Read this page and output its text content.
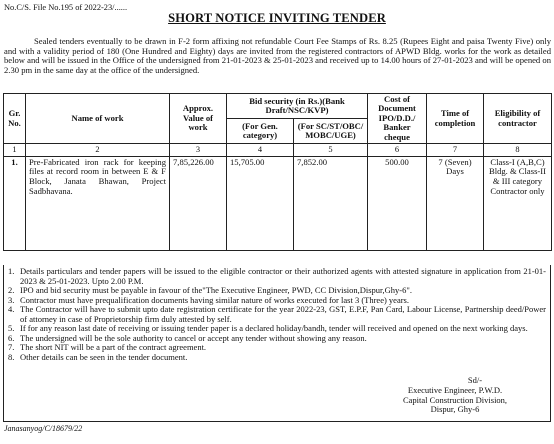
No.C/S. File No.195 of 2022-23/......
SHORT NOTICE INVITING TENDER
Sealed tenders eventually to be drawn in F-2 form affixing not refundable Court Fee Stamps of Rs. 8.25 (Rupees Eight and paisa Twenty Five) only and with a validity period of 180 (One Hundred and Eighty) days are invited from the registered contractors of APWD Bldg. works for the work as detailed below and will be issued in the Office of the undersigned from 21-01-2023 & 25-01-2023 and received up to 14.00 hours of 27-01-2023 and will be opened on 2.30 pm in the same day at the office of the undersigned.
Gr. No.	Name of work	Approx. Value of work	Bid security (in Rs.)(Bank Draft/NSC/KVP)		Cost of Document IPO/D.D./ Banker cheque	Time of completion	Eligibility of contractor
			(For Gen. category)	(For SC/ST/OBC/ MOBC/UGE)			
1	2	3	4	5	6	7	8
1.	Pre-Fabricated iron rack for keeping files at record room in between E & F Block, Janata Bhawan, Project Sadbhavana.	7,85,226.00	15,705.00	7,852.00	500.00	7 (Seven) Days	Class-I (A,B,C) Bldg. & Class-II & III category Contractor only
1. Details particulars and tender papers will be issued to the eligible contractor or their authorized agents with attested signature in application from 21-01-2023 & 25-01-2023. Upto 2.00 P.M.
2. IPO and bid security must be payable in favour of the"The Executive Engineer, PWD, CC Division,Dispur,Ghy-6".
3. Contractor must have prequalification documents having similar nature of works executed for last 3 (Three) years.
4. The Contractor will have to submit upto date registration certificate for the year 2022-23, GST, E.P.F, Pan Card, Labour License, Partnership deed/Power of attorney in case of Proprietorship firm duly attested by self.
5. If for any reason last date of receiving or issuing tender paper is a declared holiday/bandh, tender will received and opened on the next working days.
6. The undersigned will be the sole authority to cancel or accept any tender without showing any reason.
7. The short NIT will be a part of the contract agreement.
8. Other details can be seen in the tender document.
Sd/-
Executive Engineer, P.W.D.
Capital Construction Division,
Dispur, Ghy-6
Janasanyog/C/18679/22
